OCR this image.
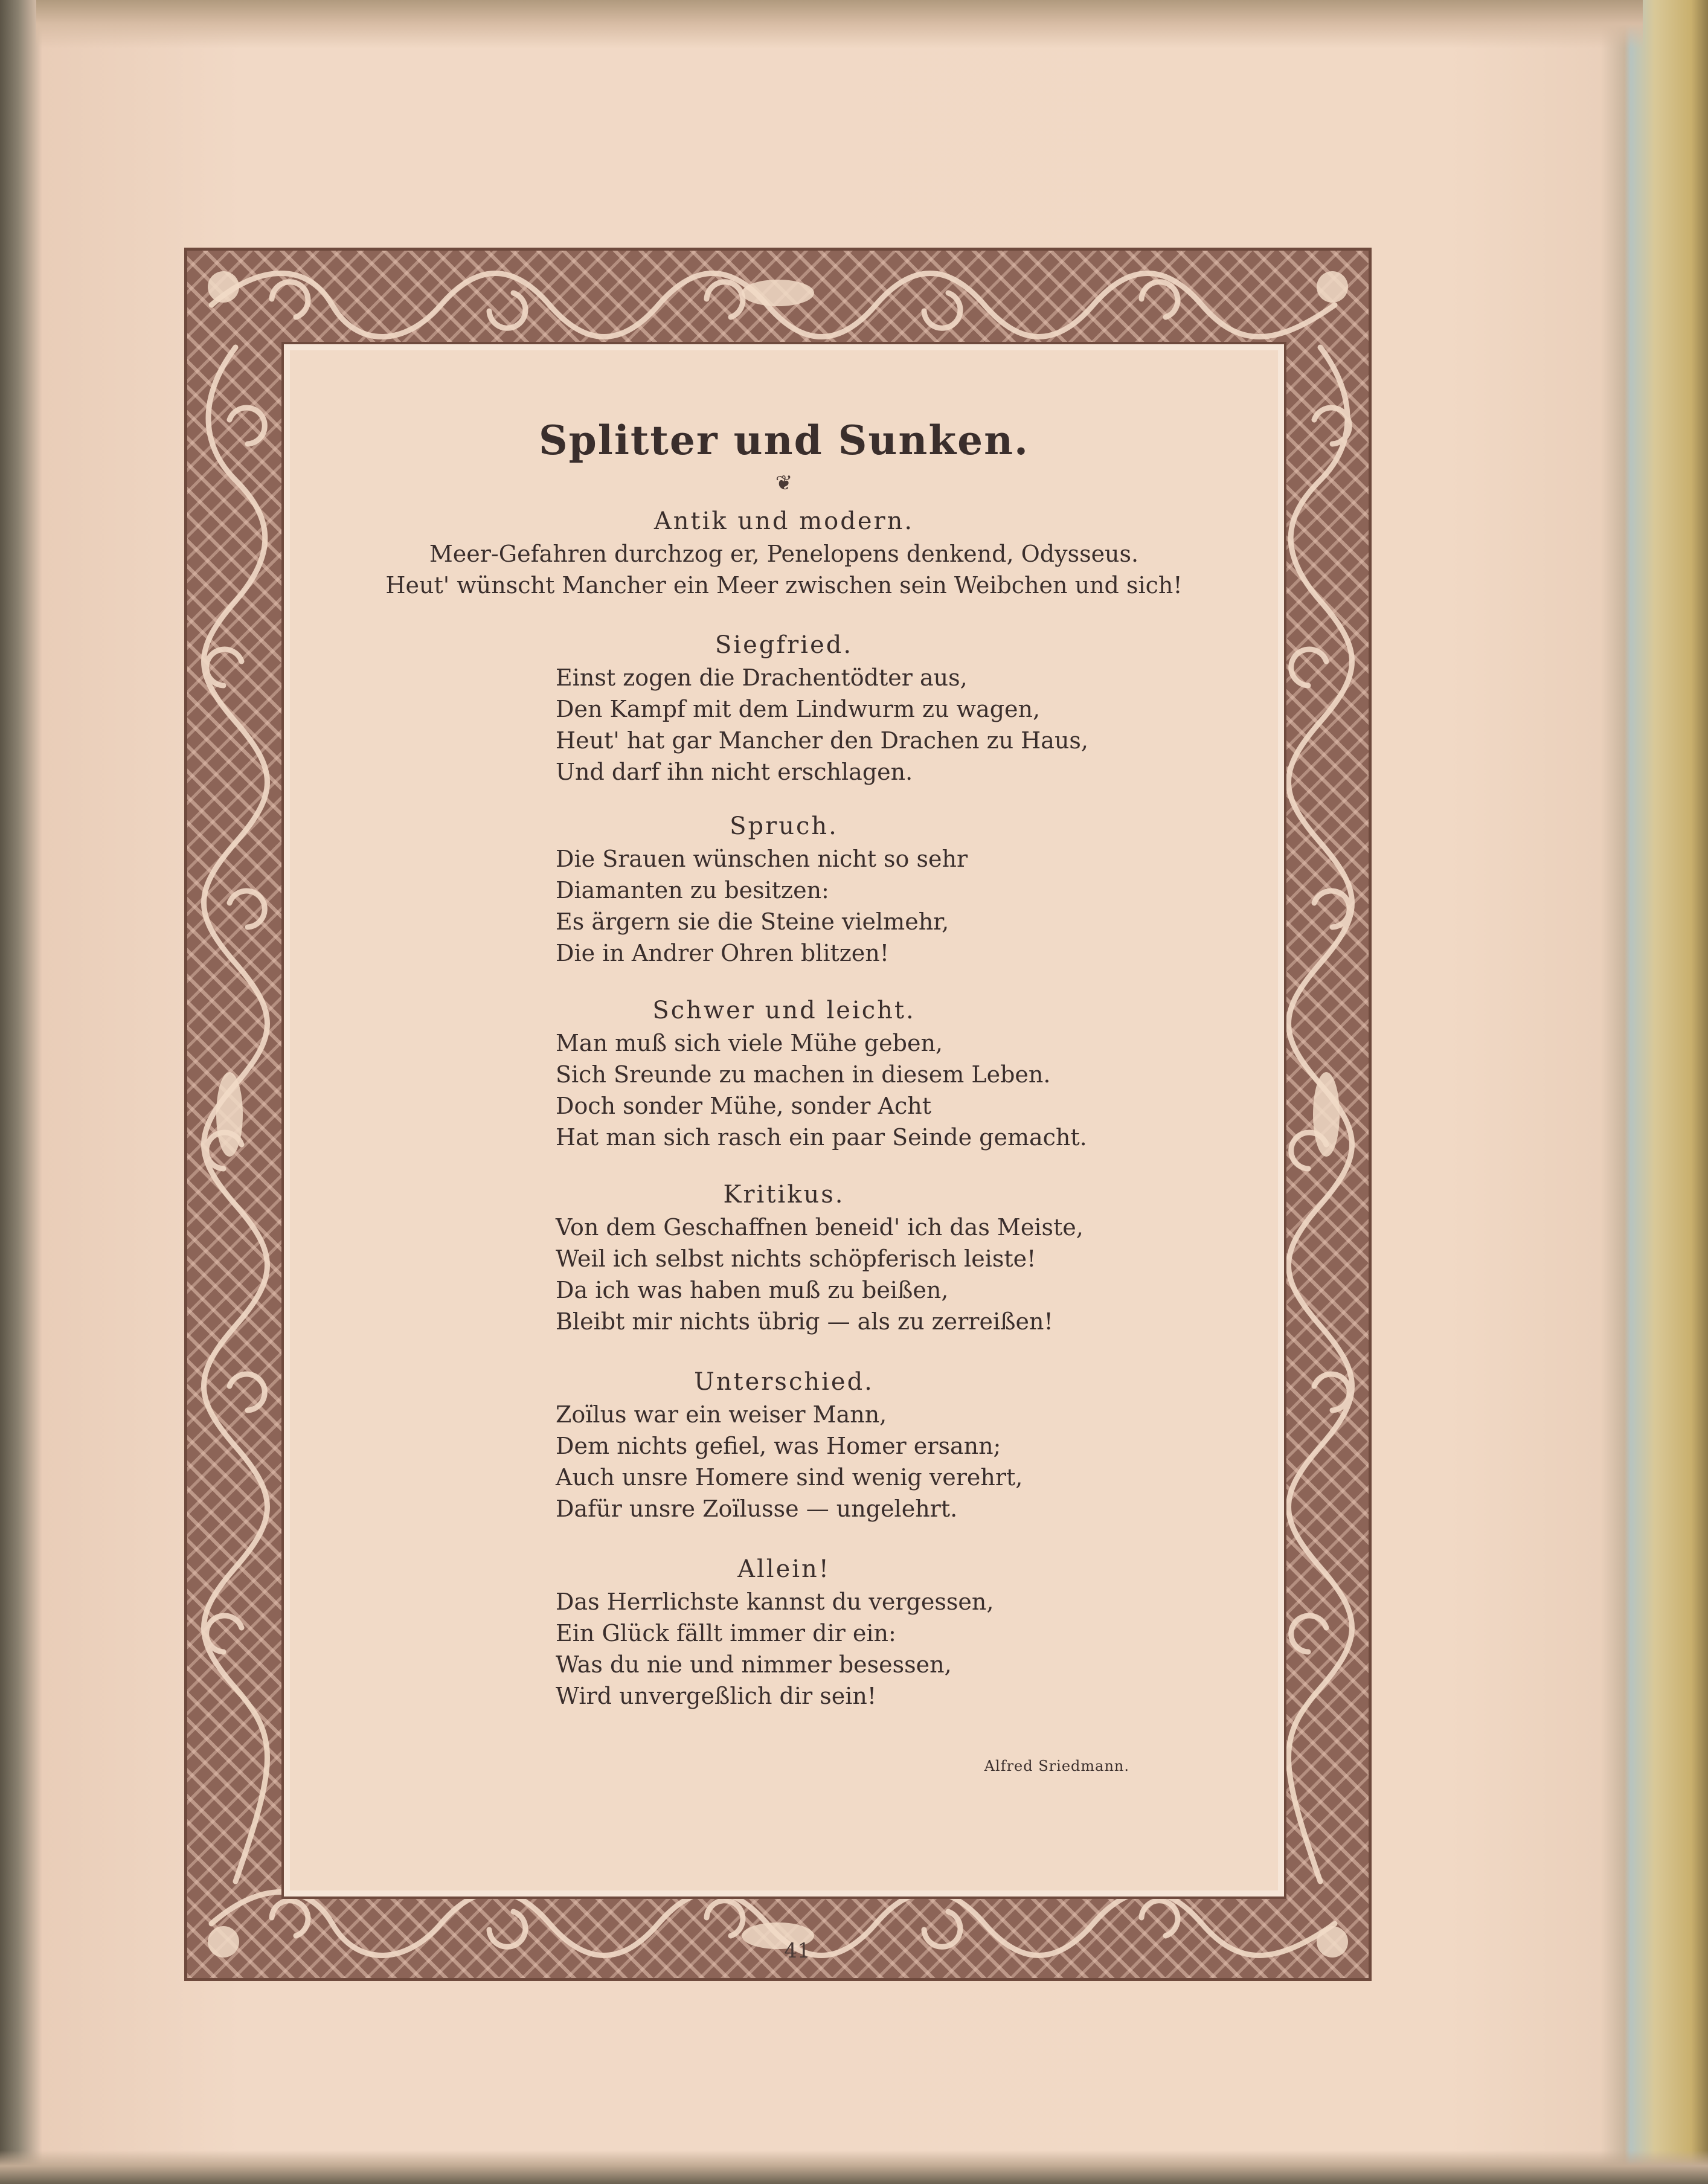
Splitter und Sunken.
❦
Antik und modern.
Meer-Gefahren durchzog er, Penelopens denkend, Odysseus.
Heut' wünscht Mancher ein Meer zwischen sein Weibchen und sich!
Siegfried.
Einst zogen die Drachentödter aus,
Den Kampf mit dem Lindwurm zu wagen,
Heut' hat gar Mancher den Drachen zu Haus,
Und darf ihn nicht erschlagen.
Spruch.
Die Srauen wünschen nicht so sehr
Diamanten zu besitzen:
Es ärgern sie die Steine vielmehr,
Die in Andrer Ohren blitzen!
Schwer und leicht.
Man muß sich viele Mühe geben,
Sich Sreunde zu machen in diesem Leben.
Doch sonder Mühe, sonder Acht
Hat man sich rasch ein paar Seinde gemacht.
Kritikus.
Von dem Geschaffnen beneid' ich das Meiste,
Weil ich selbst nichts schöpferisch leiste!
Da ich was haben muß zu beißen,
Bleibt mir nichts übrig — als zu zerreißen!
Unterschied.
Zoïlus war ein weiser Mann,
Dem nichts gefiel, was Homer ersann;
Auch unsre Homere sind wenig verehrt,
Dafür unsre Zoïlusse — ungelehrt.
Allein!
Das Herrlichste kannst du vergessen,
Ein Glück fällt immer dir ein:
Was du nie und nimmer besessen,
Wird unvergeßlich dir sein!
Alfred Sriedmann.
41
